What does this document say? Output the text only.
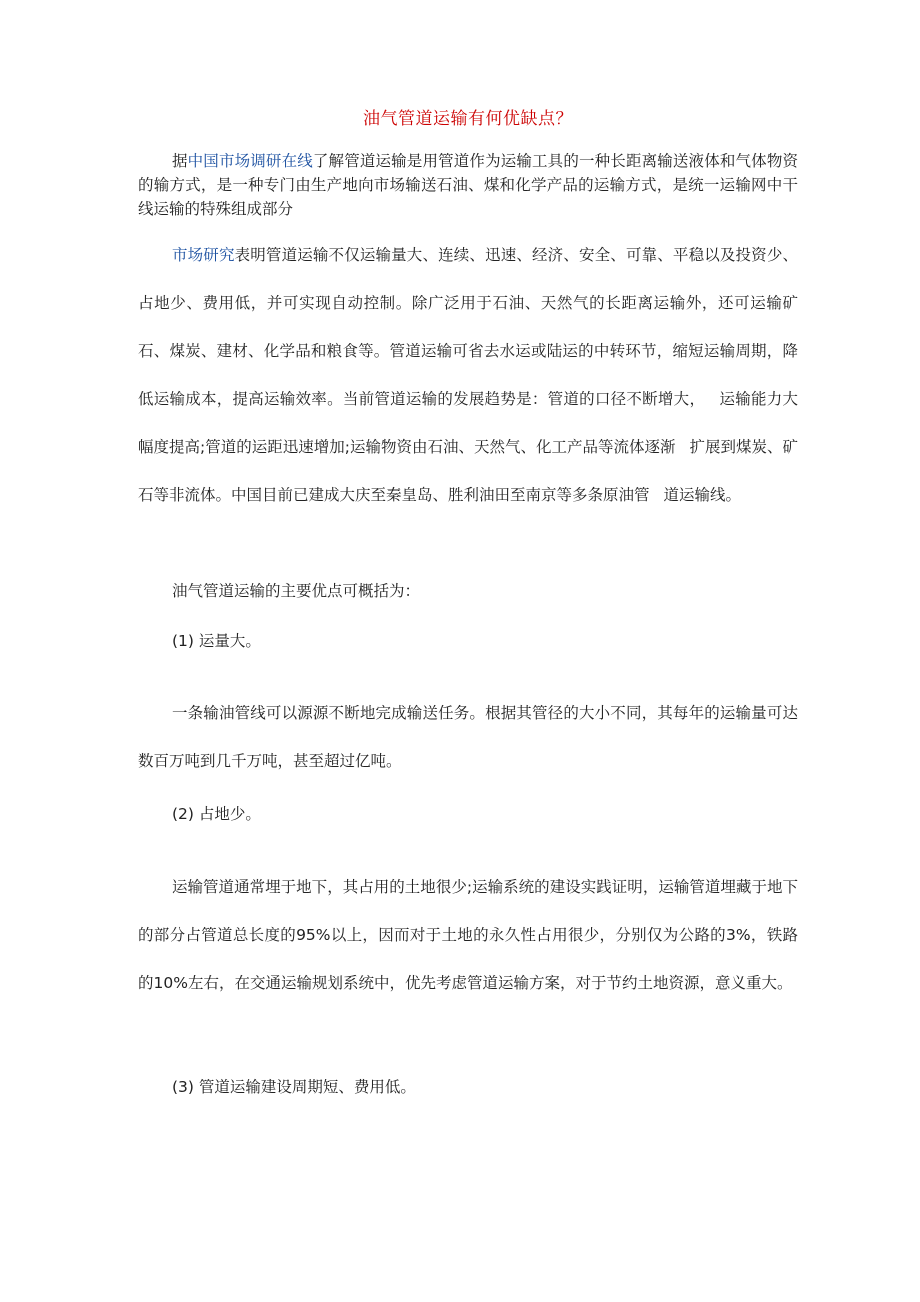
油气管道运输有何优缺点？

据中国市场调研在线了解管道运输是用管道作为运输工具的一种长距离输送液体和气体物资的输方式，是一种专门由生产地向市场输送石油、煤和化学产品的运输方式，是统一运输网中干线运输的特殊组成部分

市场研究表明管道运输不仅运输量大、连续、迅速、经济、安全、可靠、平稳以及投资少、占地少、费用低，并可实现自动控制。除广泛用于石油、天然气的长距离运输外，还可运输矿石、煤炭、建材、化学品和粮食等。管道运输可省去水运或陆运的中转环节，缩短运输周期，降低运输成本，提高运输效率。当前管道运输的发展趋势是：管道的口径不断增大， 运输能力大幅度提高;管道的运距迅速增加;运输物资由石油、天然气、化工产品等流体逐渐 扩展到煤炭、矿石等非流体。中国目前已建成大庆至秦皇岛、胜利油田至南京等多条原油管 道运输线。

油气管道运输的主要优点可概括为：

(1) 运量大。

一条输油管线可以源源不断地完成输送任务。根据其管径的大小不同，其每年的运输量可达数百万吨到几千万吨，甚至超过亿吨。

(2) 占地少。

运输管道通常埋于地下，其占用的土地很少;运输系统的建设实践证明，运输管道埋藏于地下的部分占管道总长度的95%以上，因而对于土地的永久性占用很少，分别仅为公路的3%，铁路的10%左右，在交通运输规划系统中，优先考虑管道运输方案，对于节约土地资源，意义重大。

(3) 管道运输建设周期短、费用低。
